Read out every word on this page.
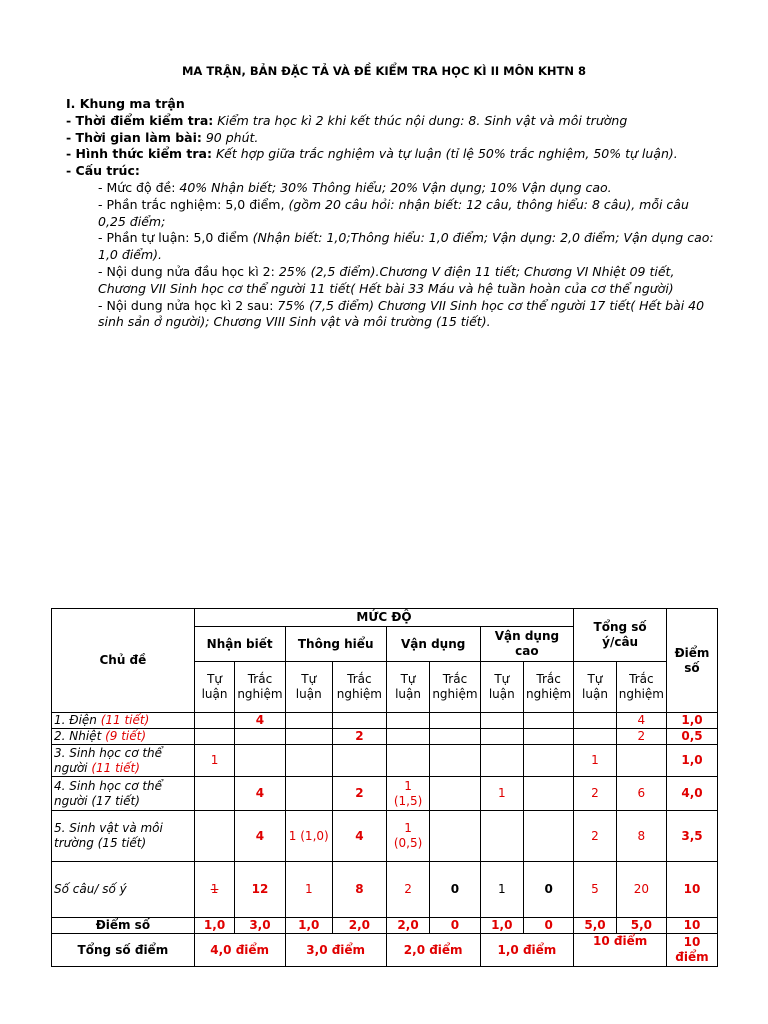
MA TRẬN, BẢN ĐẶC TẢ VÀ ĐỀ KIỂM TRA HỌC KÌ II MÔN KHTN 8
I. Khung ma trận
- Thời điểm kiểm tra: Kiểm tra học kì 2 khi kết thúc nội dung: 8. Sinh vật và môi trường
- Thời gian làm bài: 90 phút.
- Hình thức kiểm tra: Kết hợp giữa trắc nghiệm và tự luận (tỉ lệ 50% trắc nghiệm, 50% tự luận).
- Cấu trúc:
- Mức độ đề: 40% Nhận biết; 30% Thông hiểu; 20% Vận dụng; 10% Vận dụng cao.
- Phần trắc nghiệm: 5,0 điểm, (gồm 20 câu hỏi: nhận biết: 12 câu, thông hiểu: 8 câu), mỗi câu 0,25 điểm;
- Phần tự luận: 5,0 điểm (Nhận biết: 1,0;Thông hiểu: 1,0 điểm; Vận dụng: 2,0 điểm; Vận dụng cao: 1,0 điểm).
- Nội dung nửa đầu học kì 2: 25% (2,5 điểm).Chương V điện 11 tiết; Chương VI Nhiệt 09 tiết, Chương VII Sinh học cơ thể người 11 tiết( Hết bài 33 Máu và hệ tuần hoàn của cơ thể người)
- Nội dung nửa học kì 2 sau: 75% (7,5 điểm) Chương VII Sinh học cơ thể người 17 tiết( Hết bài 40 sinh sản ở người); Chương VIII Sinh vật và môi trường (15 tiết).
Chủ đề	MỨC ĐỘ								Tổng số ý/câu		Điểm số
	Nhận biết		Thông hiểu		Vận dụng		Vận dụng cao				
	Tự luận	Trắc nghiệm	Tự luận	Trắc nghiệm	Tự luận	Trắc nghiệm	Tự luận	Trắc nghiệm	Tự luận	Trắc nghiệm	
1. Điện (11 tiết)		4								4	1,0
2. Nhiệt (9 tiết)				2						2	0,5
3. Sinh học cơ thể người (11 tiết)	1								1		1,0
4. Sinh học cơ thể người (17 tiết)		4		2	1 (1,5)		1		2	6	4,0
5. Sinh vật và môi trường (15 tiết)		4	1 (1,0)	4	1 (0,5)				2	8	3,5
Số câu/ số ý	1	12	1	8	2	0	1	0	5	20	10
Điểm số	1,0	3,0	1,0	2,0	2,0	0	1,0	0	5,0	5,0	10
Tổng số điểm	4,0 điểm		3,0 điểm		2,0 điểm		1,0 điểm		10 điểm		10 điểm
